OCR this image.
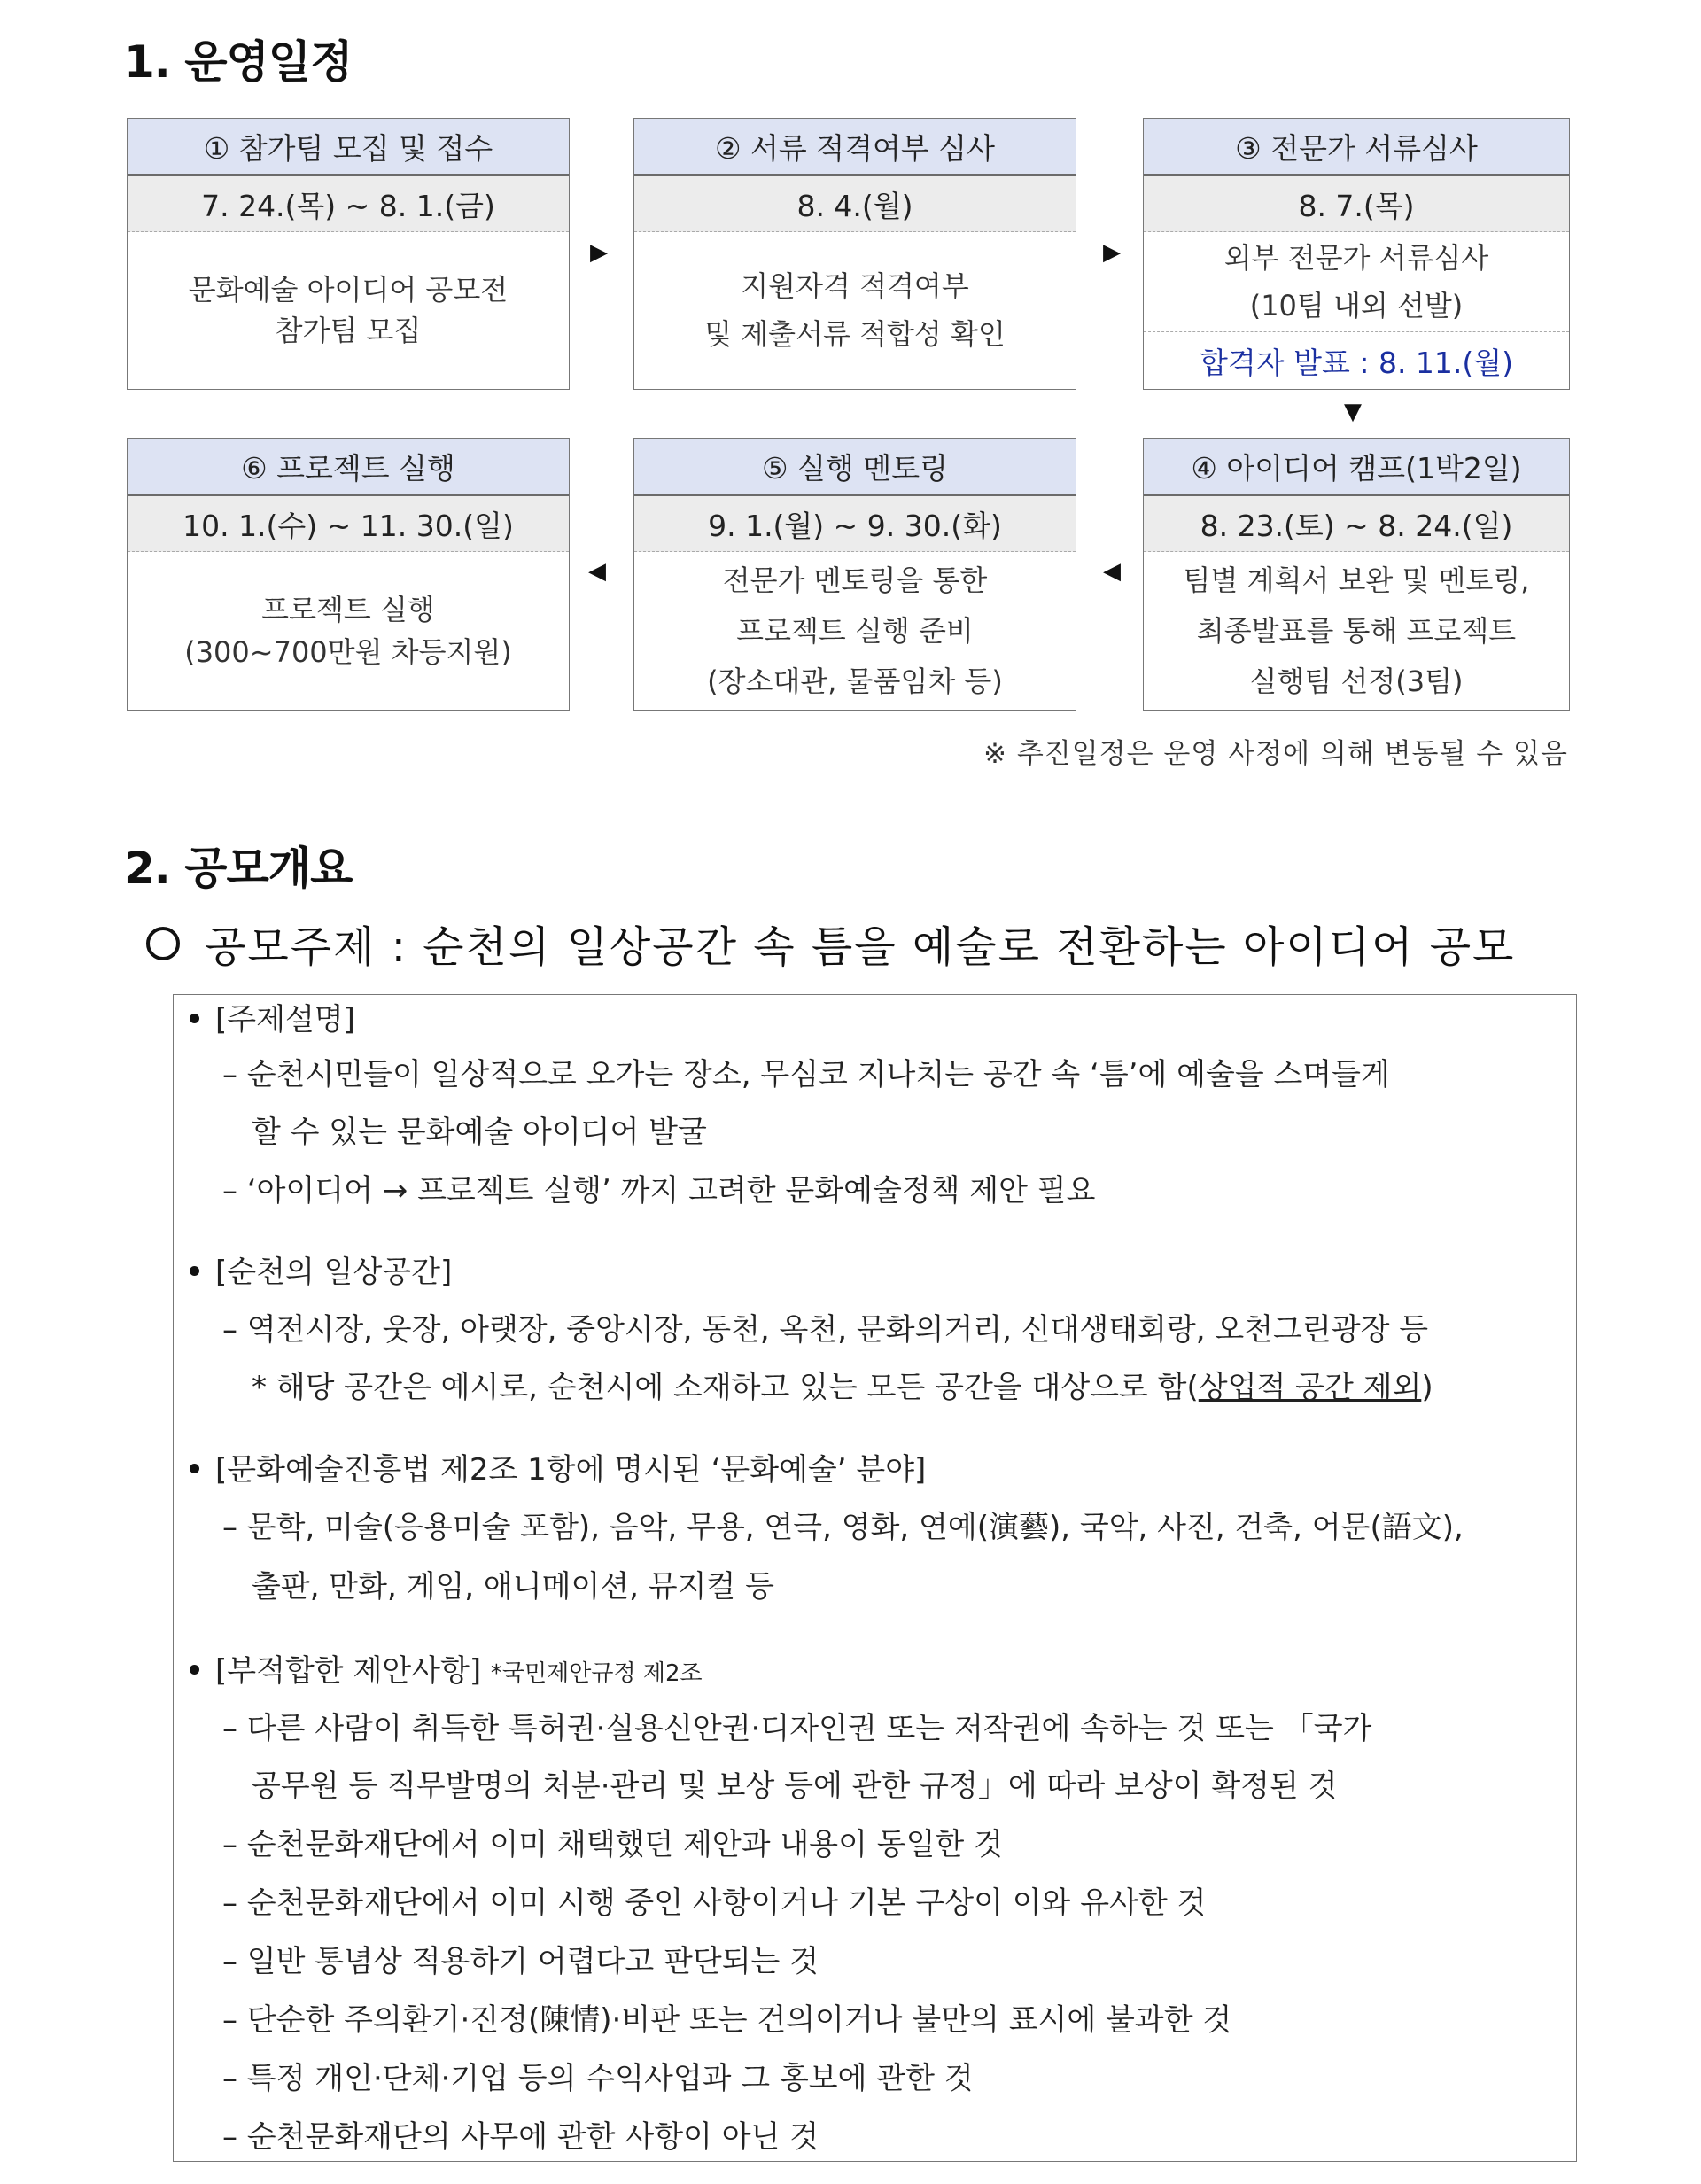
1. 운영일정
① 참가팀 모집 및 접수
7. 24.(목) ~ 8. 1.(금)
문화예술 아이디어 공모전
참가팀 모집
② 서류 적격여부 심사
8. 4.(월)
지원자격 적격여부
및 제출서류 적합성 확인
③ 전문가 서류심사
8. 7.(목)
외부 전문가 서류심사
(10팀 내외 선발)
합격자 발표 : 8. 11.(월)
▶	▶
▼
⑥ 프로젝트 실행
10. 1.(수) ~ 11. 30.(일)
프로젝트 실행
(300~700만원 차등지원)
⑤ 실행 멘토링
9. 1.(월) ~ 9. 30.(화)
전문가 멘토링을 통한
프로젝트 실행 준비
(장소대관, 물품임차 등)
④ 아이디어 캠프(1박2일)
8. 23.(토) ~ 8. 24.(일)
팀별 계획서 보완 및 멘토링,
최종발표를 통해 프로젝트
실행팀 선정(3팀)
◀	◀
※ 추진일정은 운영 사정에 의해 변동될 수 있음
2. 공모개요
공모주제 : 순천의 일상공간 속 틈을 예술로 전환하는 아이디어 공모
[주제설명]
– 순천시민들이 일상적으로 오가는 장소, 무심코 지나치는 공간 속 ‘틈’에 예술을 스며들게
할 수 있는 문화예술 아이디어 발굴
– ‘아이디어 → 프로젝트 실행’ 까지 고려한 문화예술정책 제안 필요
[순천의 일상공간]
– 역전시장, 웃장, 아랫장, 중앙시장, 동천, 옥천, 문화의거리, 신대생태회랑, 오천그린광장 등
* 해당 공간은 예시로, 순천시에 소재하고 있는 모든 공간을 대상으로 함(상업적 공간 제외)
[문화예술진흥법 제2조 1항에 명시된 ‘문화예술’ 분야]
– 문학, 미술(응용미술 포함), 음악, 무용, 연극, 영화, 연예(演藝), 국악, 사진, 건축, 어문(語文),
출판, 만화, 게임, 애니메이션, 뮤지컬 등
[부적합한 제안사항] *국민제안규정 제2조
– 다른 사람이 취득한 특허권·실용신안권·디자인권 또는 저작권에 속하는 것 또는 「국가
공무원 등 직무발명의 처분·관리 및 보상 등에 관한 규정」에 따라 보상이 확정된 것
– 순천문화재단에서 이미 채택했던 제안과 내용이 동일한 것
– 순천문화재단에서 이미 시행 중인 사항이거나 기본 구상이 이와 유사한 것
– 일반 통념상 적용하기 어렵다고 판단되는 것
– 단순한 주의환기·진정(陳情)·비판 또는 건의이거나 불만의 표시에 불과한 것
– 특정 개인·단체·기업 등의 수익사업과 그 홍보에 관한 것
– 순천문화재단의 사무에 관한 사항이 아닌 것
